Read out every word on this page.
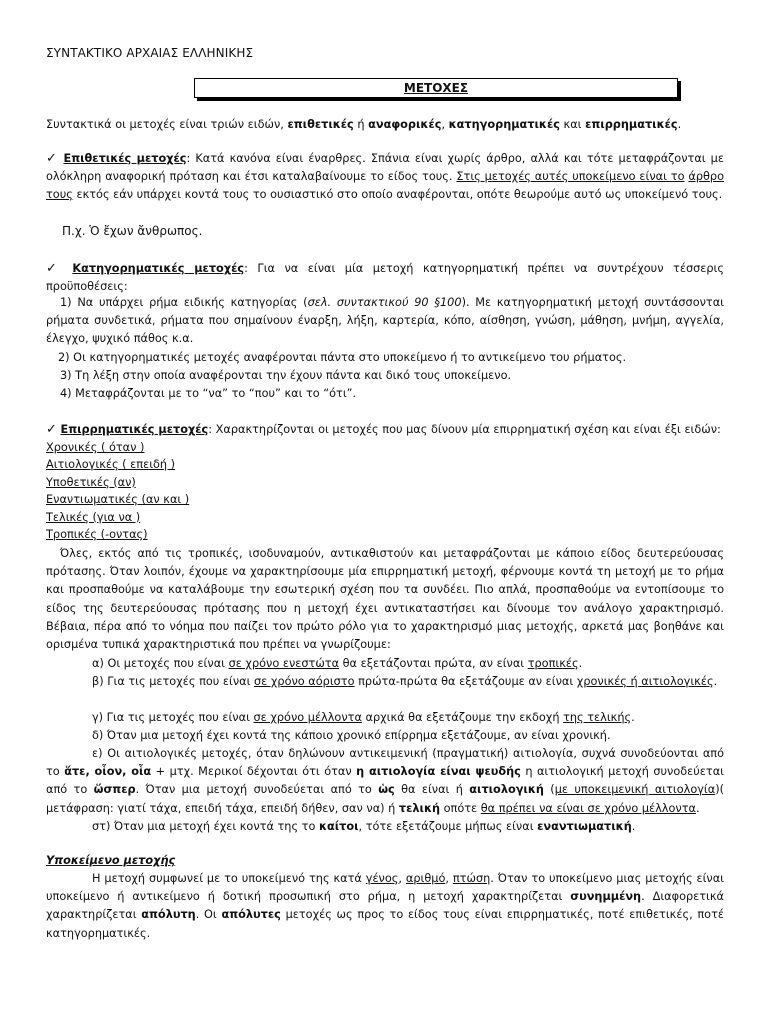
ΣΥΝΤΑΚΤΙΚΟ ΑΡΧΑΙΑΣ ΕΛΛΗΝΙΚΗΣ
ΜΕΤΟΧΕΣ
Συντακτικά οι μετοχές είναι τριών ειδών, επιθετικές ή αναφορικές, κατηγορηματικές και επιρρηματικές.
✓ Επιθετικές μετοχές: Κατά κανόνα είναι έναρθρες. Σπάνια είναι χωρίς άρθρο, αλλά και τότε μεταφράζονται με ολόκληρη αναφορική πρόταση και έτσι καταλαβαίνουμε το είδος τους. Στις μετοχές αυτές υποκείμενο είναι το άρθρο τους εκτός εάν υπάρχει κοντά τους το ουσιαστικό στο οποίο αναφέρονται, οπότε θεωρούμε αυτό ως υποκείμενό τους.
Π.χ. Ὁ ἔχων ἄνθρωπος.
✓ Κατηγορηματικές μετοχές: Για να είναι μία μετοχή κατηγορηματική πρέπει να συντρέχουν τέσσερις προϋποθέσεις:
1) Να υπάρχει ρήμα ειδικής κατηγορίας (σελ. συντακτικού 90 §100). Με κατηγορηματική μετοχή συντάσσονται ρήματα συνδετικά, ρήματα που σημαίνουν έναρξη, λήξη, καρτερία, κόπο, αίσθηση, γνώση, μάθηση, μνήμη, αγγελία, έλεγχο, ψυχικό πάθος κ.α.
2) Οι κατηγορηματικές μετοχές αναφέρονται πάντα στο υποκείμενο ή το αντικείμενο του ρήματος.
3) Τη λέξη στην οποία αναφέρονται την έχουν πάντα και δικό τους υποκείμενο.
4) Μεταφράζονται με το “να” το “που” και το “ότι”.
✓ Επιρρηματικές μετοχές: Χαρακτηρίζονται οι μετοχές που μας δίνουν μία επιρρηματική σχέση και είναι έξι ειδών:
Χρονικές ( όταν )
Αιτιολογικές ( επειδή )
Υποθετικές (αν)
Εναντιωματικές (αν και )
Τελικές (για να )
Τροπικές (-οντας)
Όλες, εκτός από τις τροπικές, ισοδυναμούν, αντικαθιστούν και μεταφράζονται με κάποιο είδος δευτερεύουσας πρότασης. Όταν λοιπόν, έχουμε να χαρακτηρίσουμε μία επιρρηματική μετοχή, φέρνουμε κοντά τη μετοχή με το ρήμα και προσπαθούμε να καταλάβουμε την εσωτερική σχέση που τα συνδέει. Πιο απλά, προσπαθούμε να εντοπίσουμε το είδος της δευτερεύουσας πρότασης που η μετοχή έχει αντικαταστήσει και δίνουμε τον ανάλογο χαρακτηρισμό. Βέβαια, πέρα από το νόημα που παίζει τον πρώτο ρόλο για το χαρακτηρισμό μιας μετοχής, αρκετά μας βοηθάνε και ορισμένα τυπικά χαρακτηριστικά που πρέπει να γνωρίζουμε:
α) Οι μετοχές που είναι σε χρόνο ενεστώτα θα εξετάζονται πρώτα, αν είναι τροπικές.
β) Για τις μετοχές που είναι σε χρόνο αόριστο πρώτα-πρώτα θα εξετάζουμε αν είναι χρονικές ή αιτιολογικές.
γ) Για τις μετοχές που είναι σε χρόνο μέλλοντα αρχικά θα εξετάζουμε την εκδοχή της τελικής.
δ) Όταν μια μετοχή έχει κοντά της κάποιο χρονικό επίρρημα εξετάζουμε, αν είναι χρονική.
ε) Οι αιτιολογικές μετοχές, όταν δηλώνουν αντικειμενική (πραγματική) αιτιολογία, συχνά συνοδεύονται από το ἅτε, οἷον, οἷα + μτχ. Μερικοί δέχονται ότι όταν η αιτιολογία είναι ψευδής η αιτιολογική μετοχή συνοδεύεται από το ὥσπερ. Όταν μια μετοχή συνοδεύεται από το ὡς θα είναι ή αιτιολογική (με υποκειμενική αιτιολογία)( μετάφραση: γιατί τάχα, επειδή τάχα, επειδή δήθεν, σαν να) ή τελική οπότε θα πρέπει να είναι σε χρόνο μέλλοντα.
στ) Όταν μια μετοχή έχει κοντά της το καίτοι, τότε εξετάζουμε μήπως είναι εναντιωματική.
Υποκείμενο μετοχής
Η μετοχή συμφωνεί με το υποκείμενό της κατά γένος, αριθμό, πτώση. Όταν το υποκείμενο μιας μετοχής είναι υποκείμενο ή αντικείμενο ή δοτική προσωπική στο ρήμα, η μετοχή χαρακτηρίζεται συνημμένη. Διαφορετικά χαρακτηρίζεται απόλυτη. Οι απόλυτες μετοχές ως προς το είδος τους είναι επιρρηματικές, ποτέ επιθετικές, ποτέ κατηγορηματικές.
